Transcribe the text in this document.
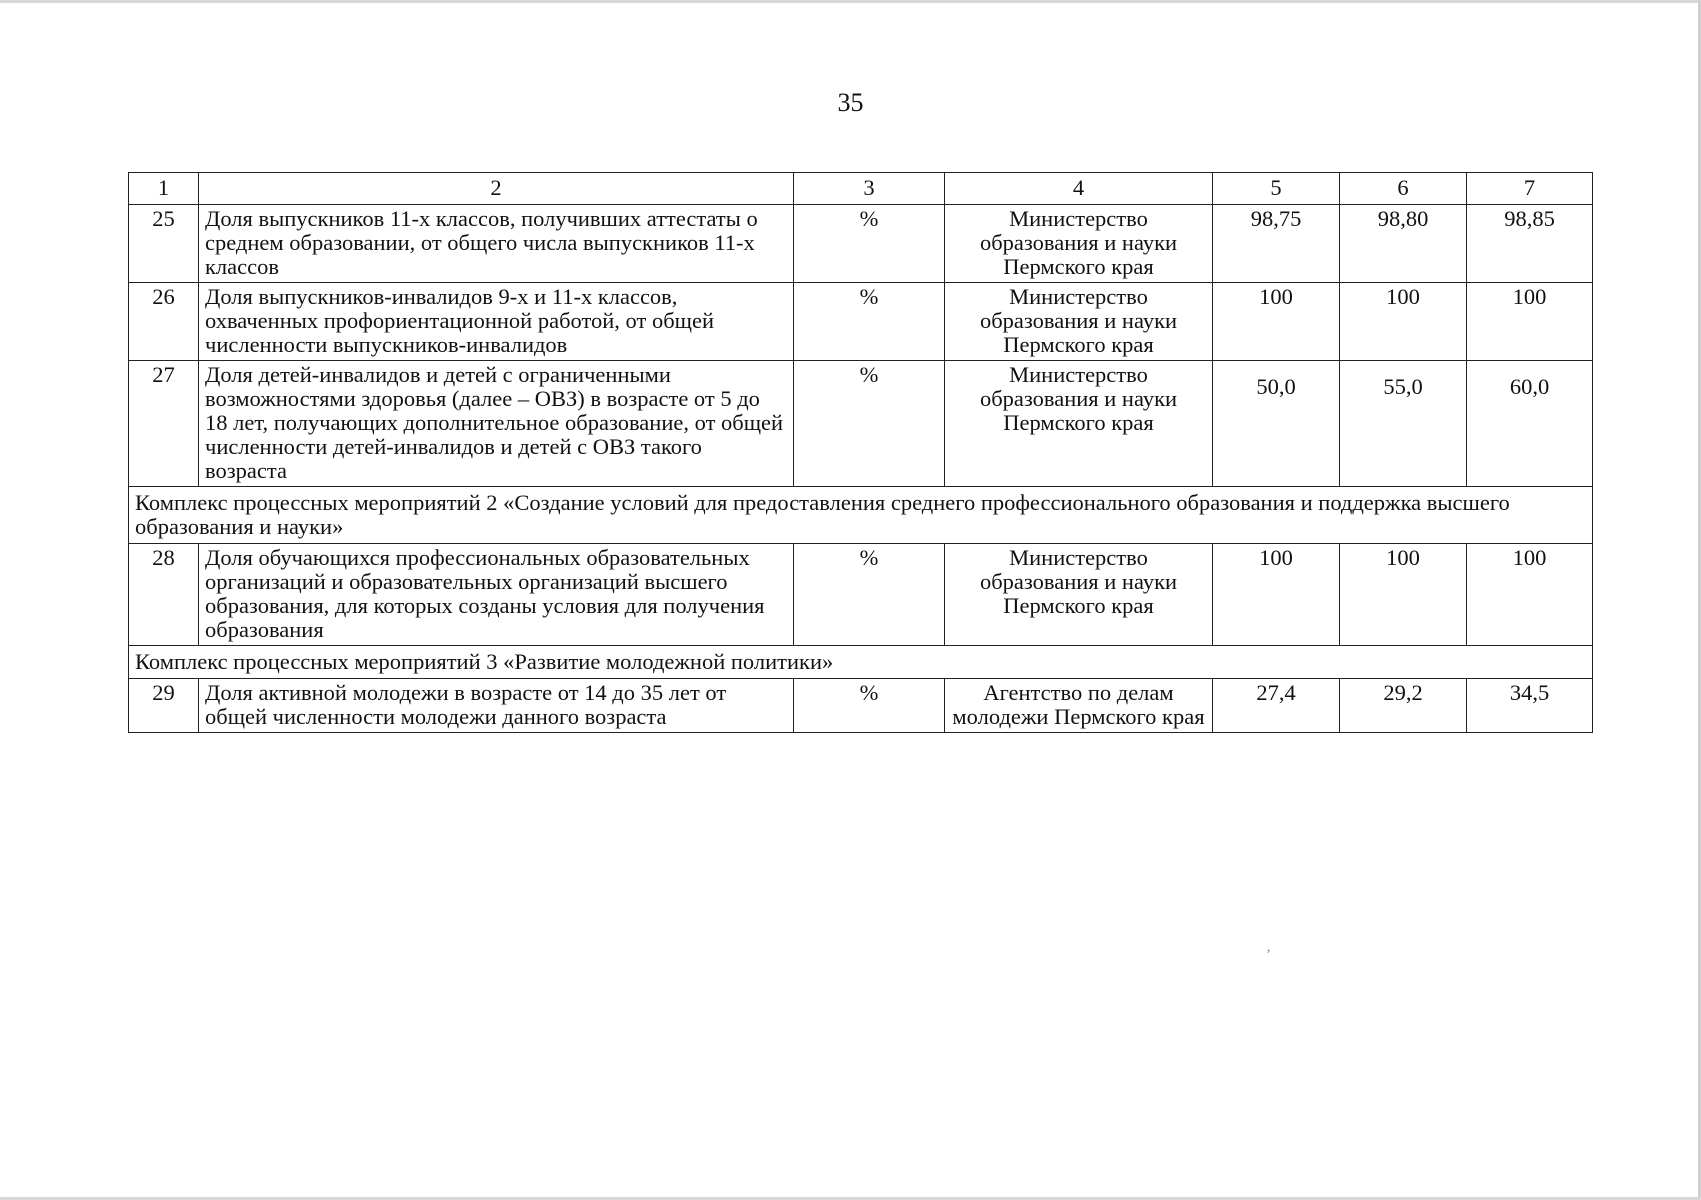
35
1	2	3	4	5	6	7
25	Доля выпускников 11-х классов, получивших аттестаты о среднем образовании, от общего числа выпускников 11-х классов	%	Министерство образования и науки Пермского края	98,75	98,80	98,85
26	Доля выпускников-инвалидов 9-х и 11-х классов, охваченных профориентационной работой, от общей численности выпускников-инвалидов	%	Министерство образования и науки Пермского края	100	100	100
27	Доля детей-инвалидов и детей с ограниченными возможностями здоровья (далее – ОВЗ) в возрасте от 5 до 18 лет, получающих дополнительное образование, от общей численности детей-инвалидов и детей с ОВЗ такого возраста	%	Министерство образования и науки Пермского края	50,0	55,0	60,0
Комплекс процессных мероприятий 2 «Создание условий для предоставления среднего профессионального образования и поддержка высшего образования и науки»						
28	Доля обучающихся профессиональных образовательных организаций и образовательных организаций высшего образования, для которых созданы условия для получения образования	%	Министерство образования и науки Пермского края	100	100	100
Комплекс процессных мероприятий 3 «Развитие молодежной политики»						
29	Доля активной молодежи в возрасте от 14 до 35 лет от общей численности молодежи данного возраста	%	Агентство по делам молодежи Пермского края	27,4	29,2	34,5
,
